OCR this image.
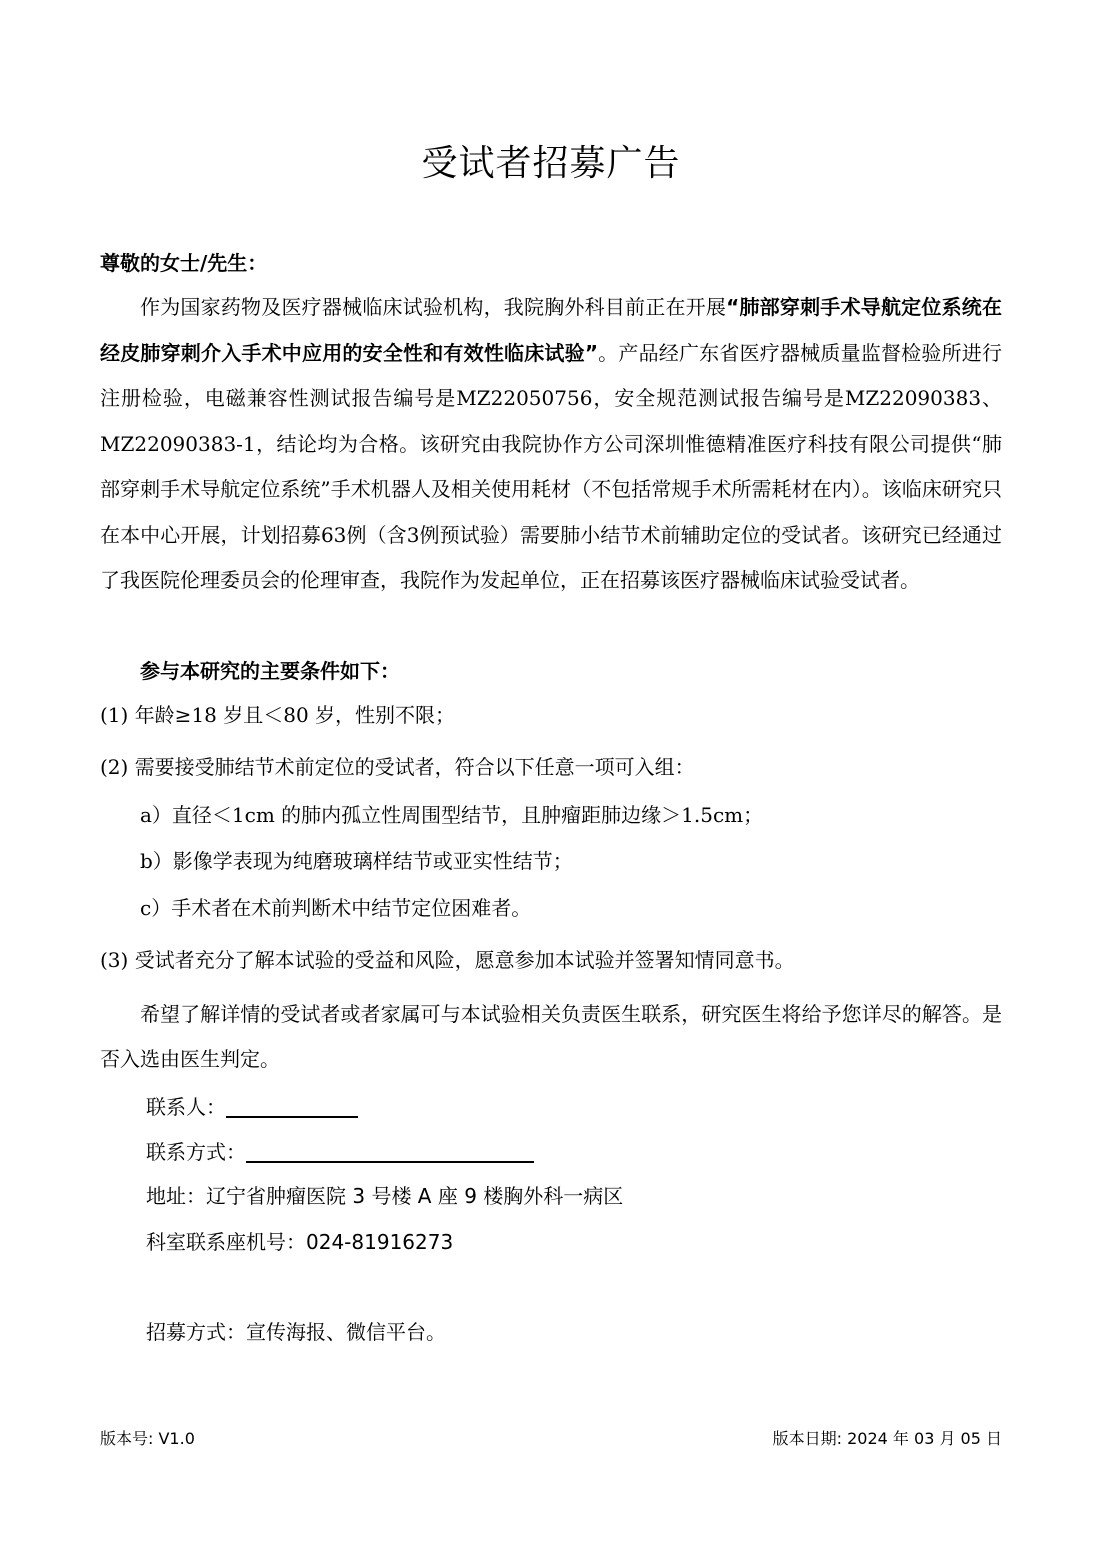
受试者招募广告
尊敬的女士/先生：

作为国家药物及医疗器械临床试验机构，我院胸外科目前正在开展“肺部穿刺手术导航定位系统在经皮肺穿刺介入手术中应用的安全性和有效性临床试验”。产品经广东省医疗器械质量监督检验所进行注册检验，电磁兼容性测试报告编号是MZ22050756，安全规范测试报告编号是MZ22090383、MZ22090383-1，结论均为合格。该研究由我院协作方公司深圳惟德精准医疗科技有限公司提供“肺部穿刺手术导航定位系统”手术机器人及相关使用耗材（不包括常规手术所需耗材在内）。该临床研究只在本中心开展，计划招募63例（含3例预试验）需要肺小结节术前辅助定位的受试者。该研究已经通过了我医院伦理委员会的伦理审查，我院作为发起单位，正在招募该医疗器械临床试验受试者。

参与本研究的主要条件如下：
(1) 年龄≥18 岁且＜80 岁，性别不限；
(2) 需要接受肺结节术前定位的受试者，符合以下任意一项可入组：
a）直径＜1cm 的肺内孤立性周围型结节，且肿瘤距肺边缘＞1.5cm；
b）影像学表现为纯磨玻璃样结节或亚实性结节；
c）手术者在术前判断术中结节定位困难者。
(3) 受试者充分了解本试验的受益和风险，愿意参加本试验并签署知情同意书。

希望了解详情的受试者或者家属可与本试验相关负责医生联系，研究医生将给予您详尽的解答。是否入选由医生判定。

联系人：
联系方式：
地址：辽宁省肿瘤医院 3 号楼 A 座 9 楼胸外科一病区
科室联系座机号：024-81916273
招募方式：宣传海报、微信平台。
版本号: V1.0	版本日期: 2024 年 03 月 05 日
